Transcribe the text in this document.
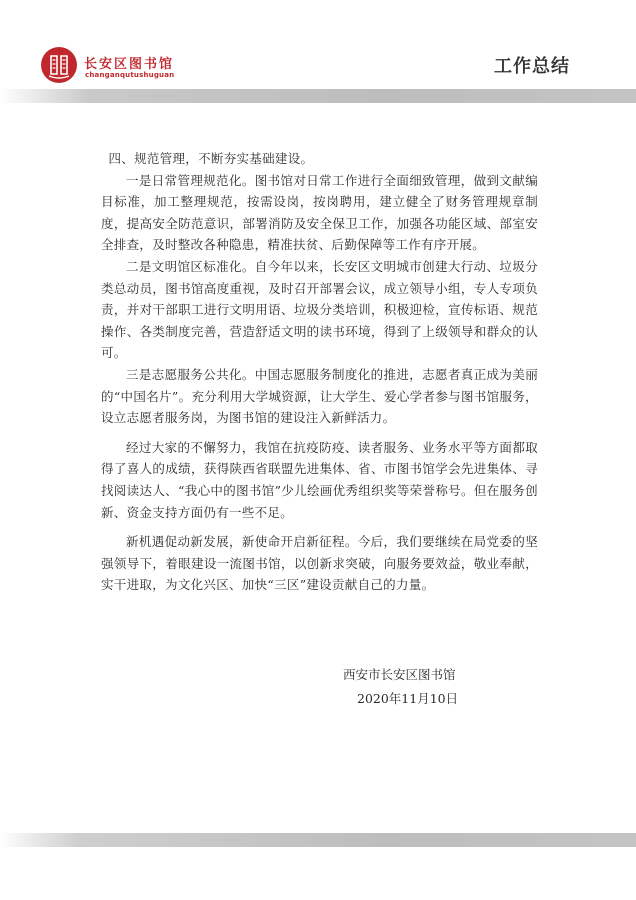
长安区图书馆
changanqutushuguan	工作总结

四、规范管理，不断夯实基础建设。

一是日常管理规范化。图书馆对日常工作进行全面细致管理，做到文献编目标准，加工整理规范，按需设岗，按岗聘用，建立健全了财务管理规章制度，提高安全防范意识，部署消防及安全保卫工作，加强各功能区域、部室安全排查，及时整改各种隐患，精准扶贫、后勤保障等工作有序开展。

二是文明馆区标准化。自今年以来，长安区文明城市创建大行动、垃圾分类总动员，图书馆高度重视，及时召开部署会议，成立领导小组，专人专项负责，并对干部职工进行文明用语、垃圾分类培训，积极迎检，宣传标语、规范操作、各类制度完善，营造舒适文明的读书环境，得到了上级领导和群众的认可。

三是志愿服务公共化。中国志愿服务制度化的推进，志愿者真正成为美丽的“中国名片”。充分利用大学城资源，让大学生、爱心学者参与图书馆服务，设立志愿者服务岗，为图书馆的建设注入新鲜活力。

经过大家的不懈努力，我馆在抗疫防疫、读者服务、业务水平等方面都取得了喜人的成绩，获得陕西省联盟先进集体、省、市图书馆学会先进集体、寻找阅读达人、“我心中的图书馆”少儿绘画优秀组织奖等荣誉称号。但在服务创新、资金支持方面仍有一些不足。

新机遇促动新发展，新使命开启新征程。今后，我们要继续在局党委的坚强领导下，着眼建设一流图书馆，以创新求突破，向服务要效益，敬业奉献，实干进取，为文化兴区、加快“三区”建设贡献自己的力量。

西安市长安区图书馆
2020年11月10日
